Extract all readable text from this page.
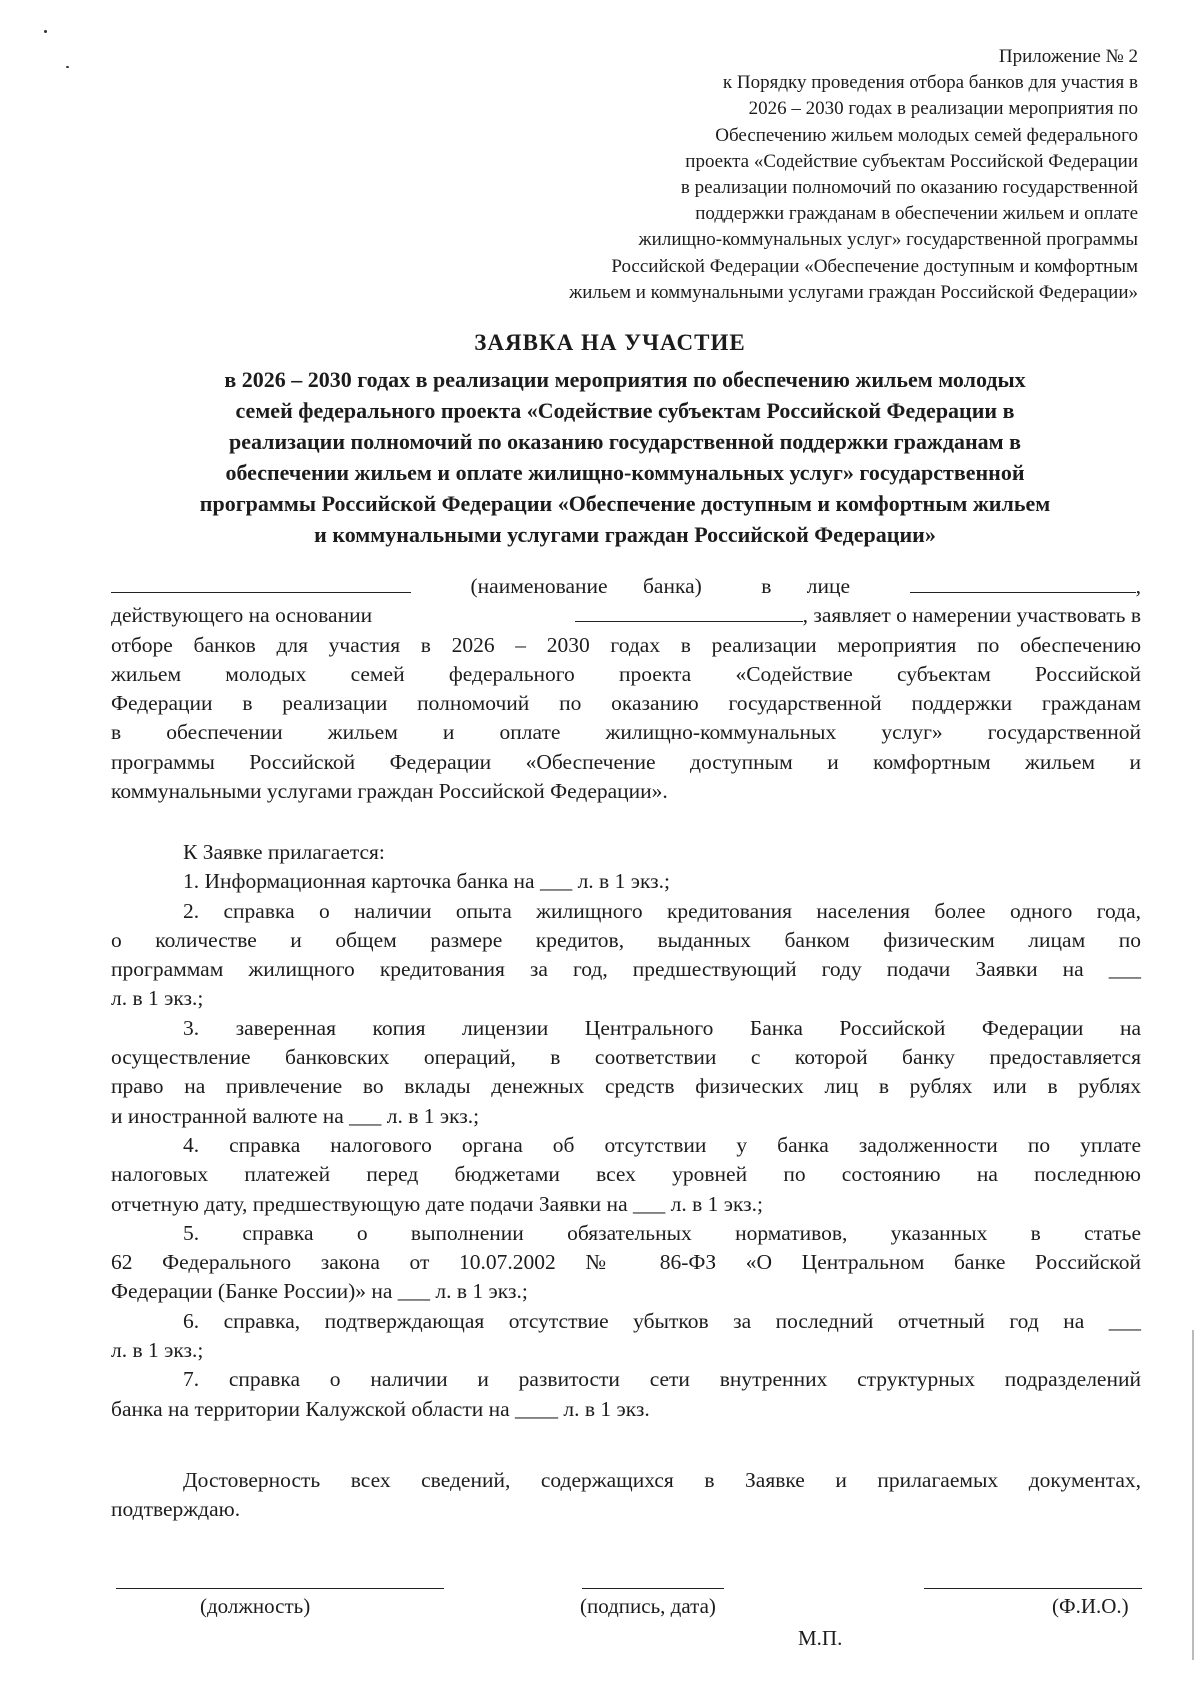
Приложение № 2
к Порядку проведения отбора банков для участия в
2026 – 2030 годах в реализации мероприятия по
Обеспечению жильем молодых семей федерального
проекта «Содействие субъектам Российской Федерации
в реализации полномочий по оказанию государственной
поддержки гражданам в обеспечении жильем и оплате
жилищно-коммунальных услуг» государственной программы
Российской Федерации «Обеспечение доступным и комфортным
жильем и коммунальными услугами граждан Российской Федерации»
ЗАЯВКА НА УЧАСТИЕ
в 2026 – 2030 годах в реализации мероприятия по обеспечению жильем молодых
семей федерального проекта «Содействие субъектам Российской Федерации в
реализации полномочий по оказанию государственной поддержки гражданам в
обеспечении жильем и оплате жилищно-коммунальных услуг» государственной
программы Российской Федерации «Обеспечение доступным и комфортным жильем
и коммунальными услугами граждан Российской Федерации»
(наименование банка)	в лице	,
действующего на основании	, заявляет о намерении участвовать в
отборе банков для участия в 2026 – 2030 годах в реализации мероприятия по обеспечению
жильем молодых семей федерального проекта «Содействие субъектам Российской
Федерации в реализации полномочий по оказанию государственной поддержки гражданам
в обеспечении жильем и оплате жилищно-коммунальных услуг» государственной
программы Российской Федерации «Обеспечение доступным и комфортным жильем и
коммунальными услугами граждан Российской Федерации».
К Заявке прилагается:
1. Информационная карточка банка на ___ л. в 1 экз.;
2. справка о наличии опыта жилищного кредитования населения более одного года,
о количестве и общем размере кредитов, выданных банком физическим лицам по
программам жилищного кредитования за год, предшествующий году подачи Заявки на ___
л. в 1 экз.;
3. заверенная копия лицензии Центрального Банка Российской Федерации на
осуществление банковских операций, в соответствии с которой банку предоставляется
право на привлечение во вклады денежных средств физических лиц в рублях или в рублях
и иностранной валюте на ___ л. в 1 экз.;
4. справка налогового органа об отсутствии у банка задолженности по уплате
налоговых платежей перед бюджетами всех уровней по состоянию на последнюю
отчетную дату, предшествующую дате подачи Заявки на ___ л. в 1 экз.;
5. справка о выполнении обязательных нормативов, указанных в статье
62 Федерального закона от 10.07.2002 № 86-ФЗ «О Центральном банке Российской
Федерации (Банке России)» на ___ л. в 1 экз.;
6. справка, подтверждающая отсутствие убытков за последний отчетный год на ___
л. в 1 экз.;
7. справка о наличии и развитости сети внутренних структурных подразделений
банка на территории Калужской области на ____ л. в 1 экз.
Достоверность всех сведений, содержащихся в Заявке и прилагаемых документах,
подтверждаю.
(должность)	(подпись, дата)	(Ф.И.О.)
М.П.
